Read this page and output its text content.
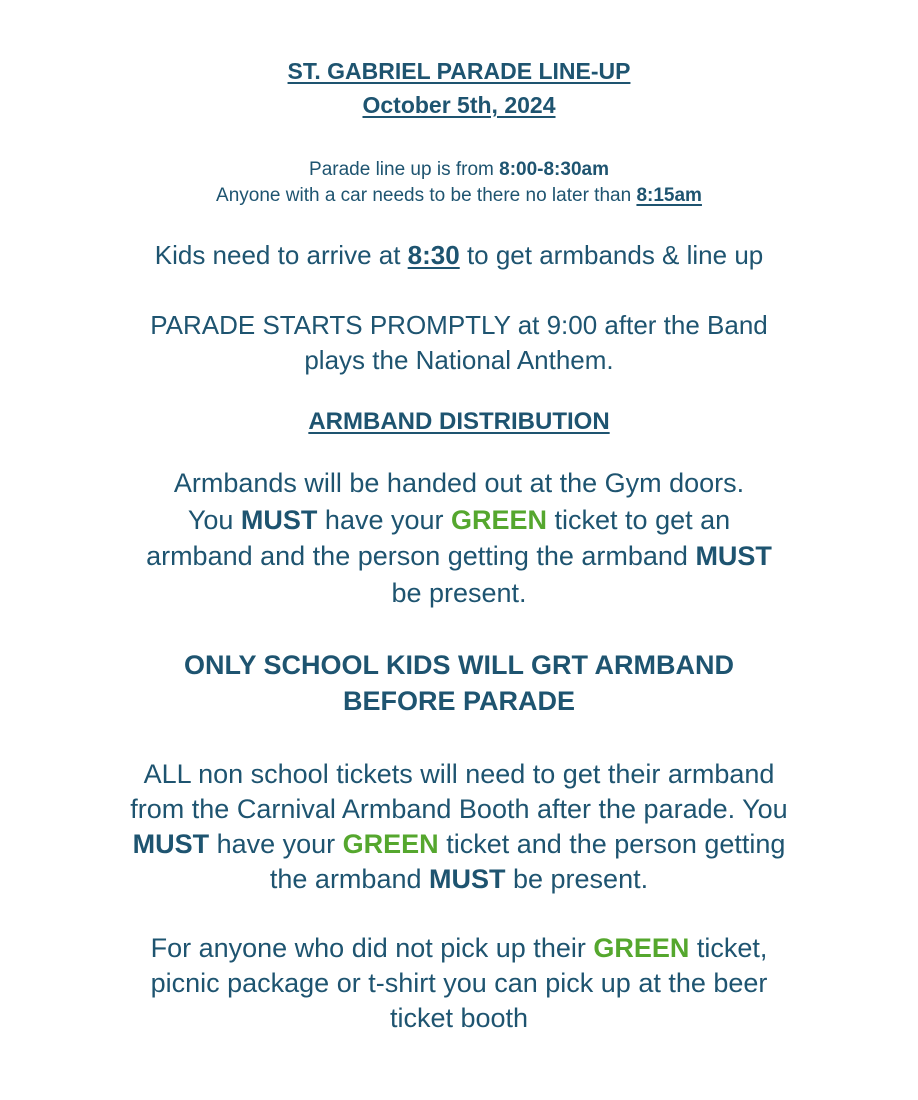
ST. GABRIEL PARADE LINE-UP
October 5th, 2024
Parade line up is from 8:00-8:30am
Anyone with a car needs to be there no later than 8:15am
Kids need to arrive at 8:30 to get armbands & line up
PARADE STARTS PROMPTLY at 9:00 after the Band
plays the National Anthem.
ARMBAND DISTRIBUTION
Armbands will be handed out at the Gym doors.
You MUST have your GREEN ticket to get an
armband and the person getting the armband MUST
be present.
ONLY SCHOOL KIDS WILL GRT ARMBAND
BEFORE PARADE
ALL non school tickets will need to get their armband
from the Carnival Armband Booth after the parade. You
MUST have your GREEN ticket and the person getting
the armband MUST be present.
For anyone who did not pick up their GREEN ticket,
picnic package or t-shirt you can pick up at the beer
ticket booth
